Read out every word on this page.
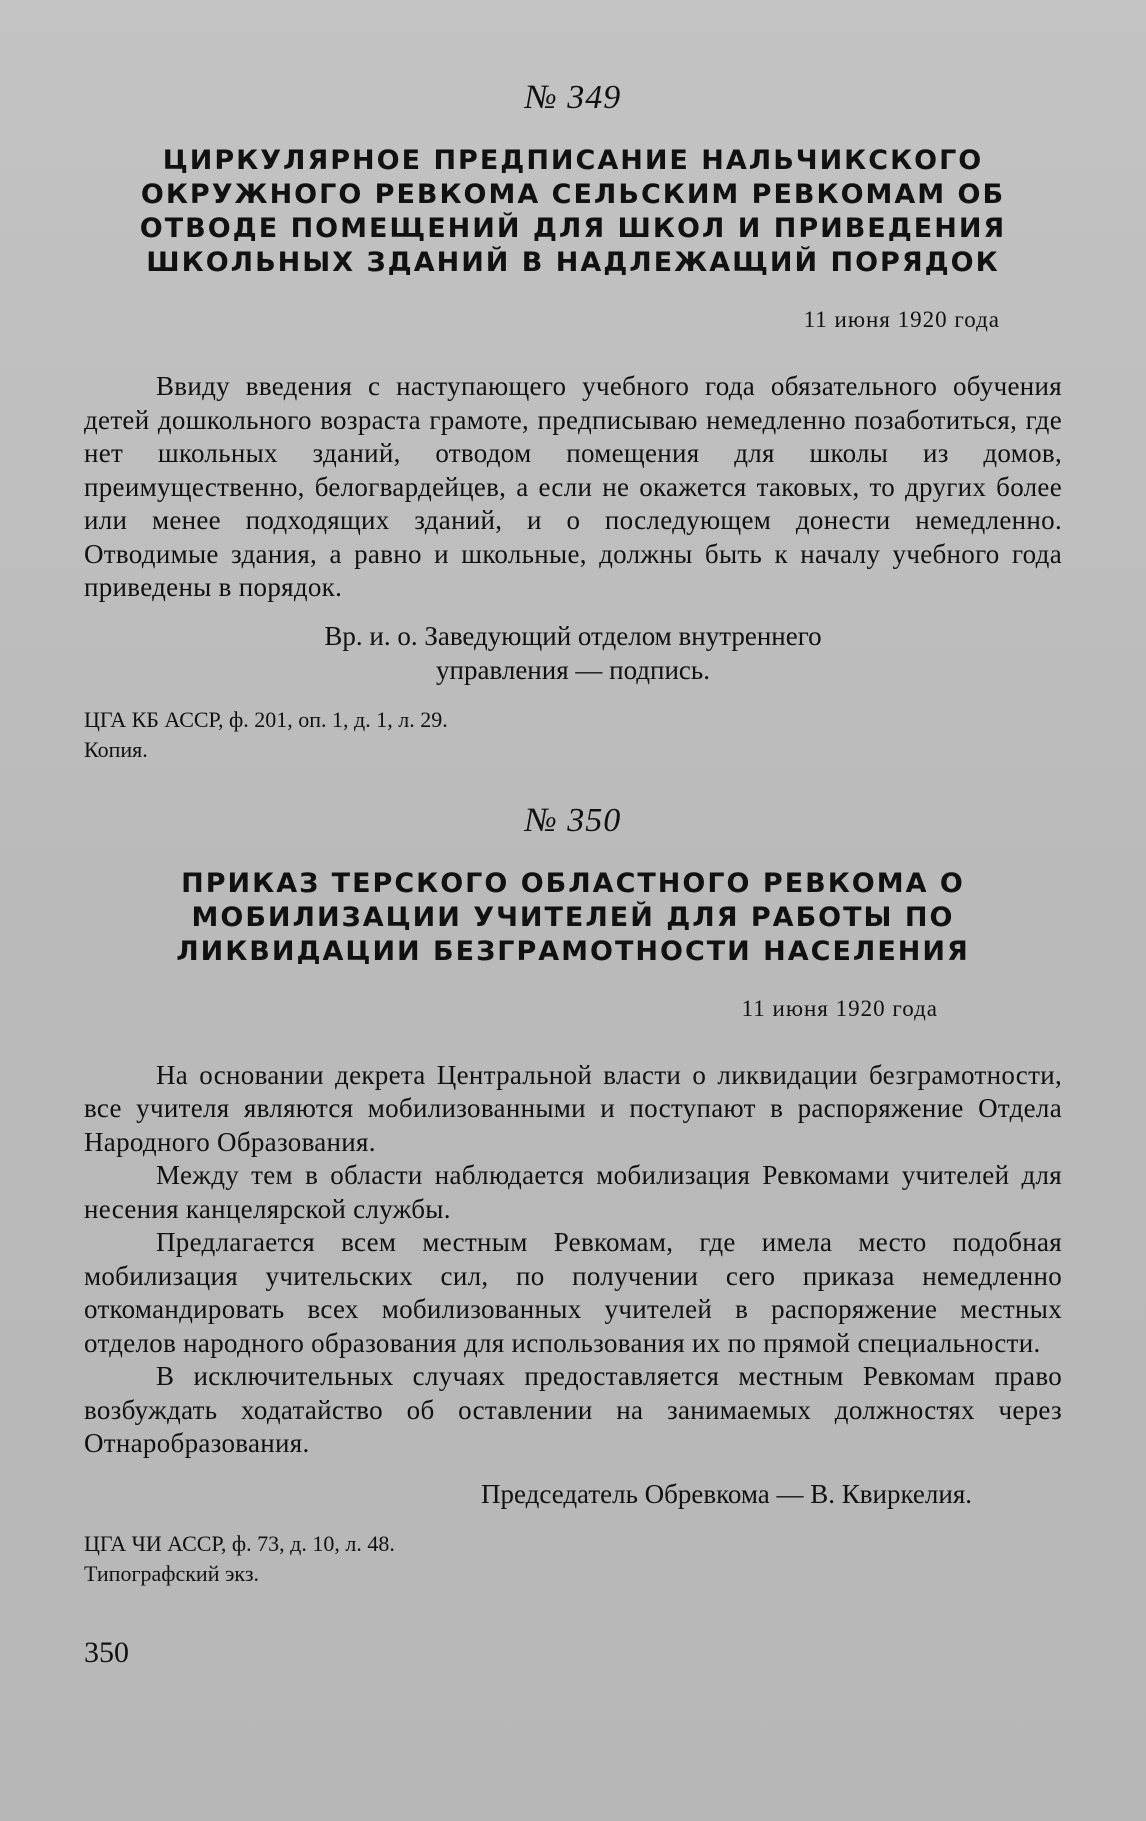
№ 349
ЦИРКУЛЯРНОЕ ПРЕДПИСАНИЕ НАЛЬЧИКСКОГО
ОКРУЖНОГО РЕВКОМА СЕЛЬСКИМ РЕВКОМАМ ОБ
ОТВОДЕ ПОМЕЩЕНИЙ ДЛЯ ШКОЛ И ПРИВЕДЕНИЯ
ШКОЛЬНЫХ ЗДАНИЙ В НАДЛЕЖАЩИЙ ПОРЯДОК
11 июня 1920 года

Ввиду введения с наступающего учебного года обязательного обучения детей дошкольного возраста грамоте, предписываю немедленно позаботиться, где нет школьных зданий, отводом помещения для школы из домов, преимущественно, белогвардейцев, а если не окажется таковых, то других более или менее подходящих зданий, и о последующем донести немедленно. Отводимые здания, а равно и школьные, должны быть к началу учебного года приведены в порядок.

Вр. и. о. Заведующий отделом внутреннего
управления — подпись.

ЦГА КБ АССР, ф. 201, оп. 1, д. 1, л. 29.

Копия.

№ 350
ПРИКАЗ ТЕРСКОГО ОБЛАСТНОГО РЕВКОМА О
МОБИЛИЗАЦИИ УЧИТЕЛЕЙ ДЛЯ РАБОТЫ ПО
ЛИКВИДАЦИИ БЕЗГРАМОТНОСТИ НАСЕЛЕНИЯ
11 июня 1920 года

На основании декрета Центральной власти о ликвидации безграмотности, все учителя являются мобилизованными и поступают в распоряжение Отдела Народного Образования.

Между тем в области наблюдается мобилизация Ревкомами учителей для несения канцелярской службы.

Предлагается всем местным Ревкомам, где имела место подобная мобилизация учительских сил, по получении сего приказа немедленно откомандировать всех мобилизованных учителей в распоряжение местных отделов народного образования для использования их по прямой специальности.

В исключительных случаях предоставляется местным Ревкомам право возбуждать ходатайство об оставлении на занимаемых должностях через Отнаробразования.

Председатель Обревкома — В. Квиркелия.

ЦГА ЧИ АССР, ф. 73, д. 10, л. 48.

Типографский экз.

350
